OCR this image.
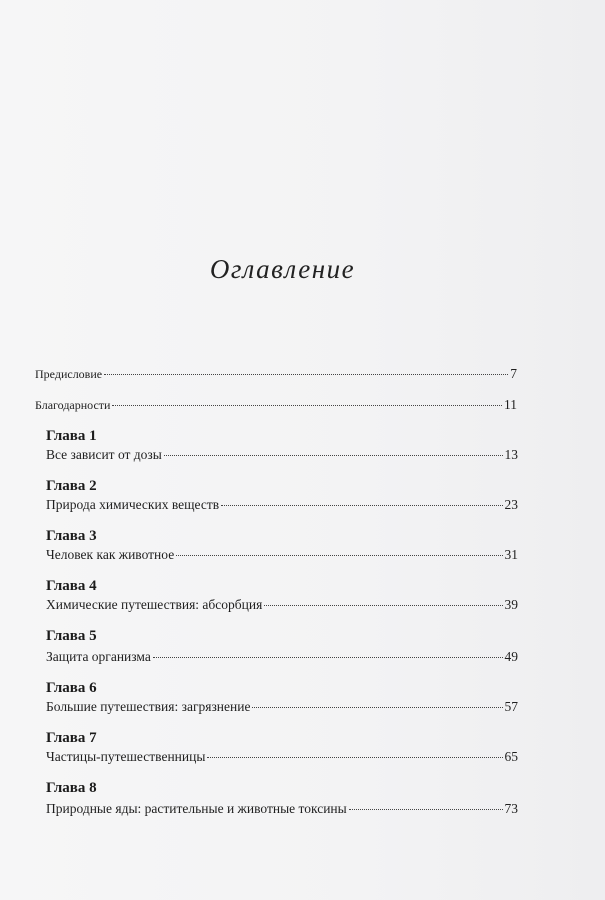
Оглавление
Предисловие	7
Благодарности	11
Глава 1
Все зависит от дозы	13
Глава 2
Природа химических веществ	23
Глава 3
Человек как животное	31
Глава 4
Химические путешествия: абсорбция	39
Глава 5
Защита организма	49
Глава 6
Большие путешествия: загрязнение	57
Глава 7
Частицы-путешественницы	65
Глава 8
Природные яды: растительные и животные токсины	73
